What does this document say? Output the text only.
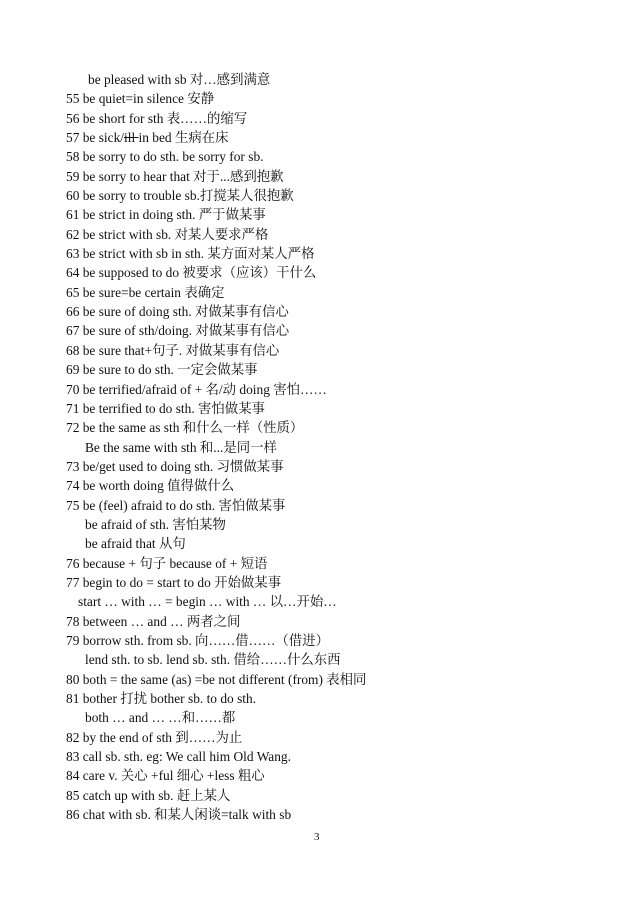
be pleased with sb 对…感到满意
55 be quiet=in silence 安静
56 be short for sth 表……的缩写
57 be sick/ill in bed 生病在床
58 be sorry to do sth. be sorry for sb.
59 be sorry to hear that 对于...感到抱歉
60 be sorry to trouble sb.打搅某人很抱歉
61 be strict in doing sth. 严于做某事
62 be strict with sb. 对某人要求严格
63 be strict with sb in sth. 某方面对某人严格
64 be supposed to do 被要求（应该）干什么
65 be sure=be certain 表确定
66 be sure of doing sth. 对做某事有信心
67 be sure of sth/doing. 对做某事有信心
68 be sure that+句子. 对做某事有信心
69 be sure to do sth. 一定会做某事
70 be terrified/afraid of + 名/动 doing 害怕……
71 be terrified to do sth. 害怕做某事
72 be the same as sth 和什么一样（性质）
Be the same with sth 和...是同一样
73 be/get used to doing sth. 习惯做某事
74 be worth doing 值得做什么
75 be (feel) afraid to do sth. 害怕做某事
be afraid of sth. 害怕某物
be afraid that 从句
76 because + 句子 because of + 短语
77 begin to do = start to do 开始做某事
start … with … = begin … with … 以…开始…
78 between … and … 两者之间
79 borrow sth. from sb. 向……借……（借进）
lend sth. to sb. lend sb. sth. 借给……什么东西
80 both = the same (as) =be not different (from) 表相同
81 bother 打扰 bother sb. to do sth.
both … and … …和……都
82 by the end of sth 到……为止
83 call sb. sth. eg: We call him Old Wang.
84 care v. 关心 +ful 细心 +less 粗心
85 catch up with sb. 赶上某人
86 chat with sb. 和某人闲谈=talk with sb
3
